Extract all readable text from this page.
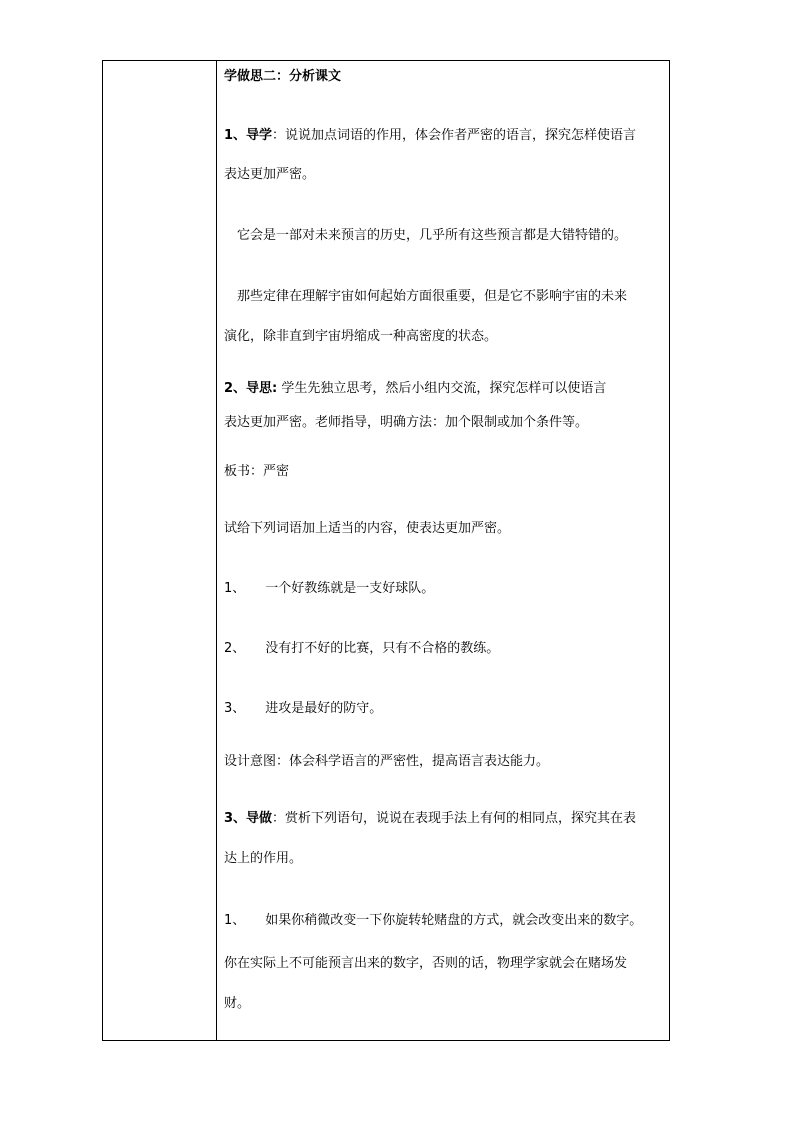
学做思二：分析课文
1、导学：说说加点词语的作用，体会作者严密的语言，探究怎样使语言
表达更加严密。
它会是一部对未来预言的历史，几乎所有这些预言都是大错特错的。
那些定律在理解宇宙如何起始方面很重要，但是它不影响宇宙的未来
演化，除非直到宇宙坍缩成一种高密度的状态。
2、导思: 学生先独立思考，然后小组内交流，探究怎样可以使语言
表达更加严密。老师指导，明确方法：加个限制或加个条件等。
板书：严密
试给下列词语加上适当的内容，使表达更加严密。
1、 一个好教练就是一支好球队。
2、 没有打不好的比赛，只有不合格的教练。
3、 进攻是最好的防守。
设计意图：体会科学语言的严密性，提高语言表达能力。
3、导做：赏析下列语句，说说在表现手法上有何的相同点，探究其在表
达上的作用。
1、 如果你稍微改变一下你旋转轮赌盘的方式，就会改变出来的数字。
你在实际上不可能预言出来的数字，否则的话，物理学家就会在赌场发
财。
